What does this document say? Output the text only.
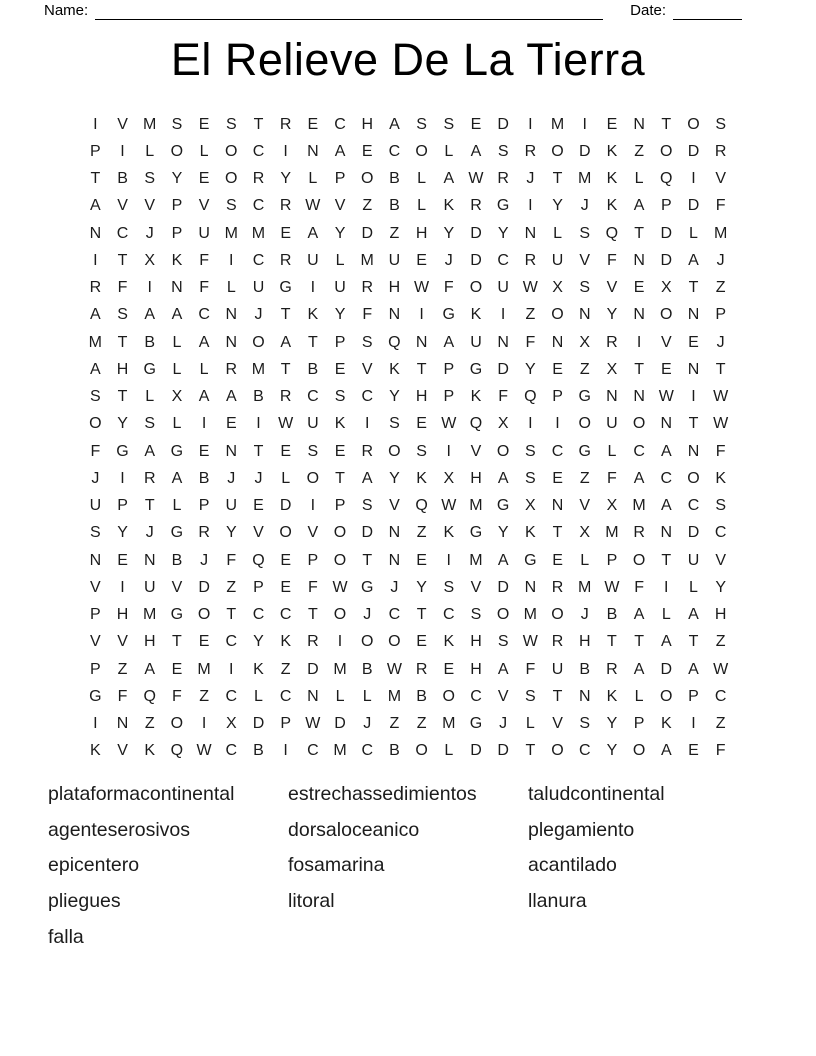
Name:	Date:
El Relieve De La Tierra
I	V M S	E	S	T	R	E	C H	A	S	S	E	D	I	M	I	E	N	T	O S
P	I	L	O	L	O C	I	N	A	E	C O	L	A	S	R O D	K	Z	O D R
T	B	S	Y	E O R	Y	L	P O B	L	A W R	J	T M K	L	Q	I	V
A	V	V	P	V	S	C R W V	Z	B	L	K	R G	I	Y	J	K	A	P	D	F
N C	J	P	U M M E	A	Y	D	Z	H	Y	D	Y	N	L	S Q	T	D	L	M
I	T	X	K	F	I	C R U	L	M U	E	J	D C R U	V	F	N D	A	J
R	F	I	N	F	L	U G	I	U R H W F	O U W X	S	V	E	X	T	Z
A	S	A	A	C N	J	T	K	Y	F	N	I	G K	I	Z	O N	Y	N O N	P
M T	B	L	A	N O A	T	P	S Q N	A	U N	F	N	X	R	I	V	E	J
A	H G	L	L	R M T	B	E	V	K	T	P G D	Y	E	Z	X	T	E	N	T
S	T	L	X	A	A	B	R C	S	C	Y	H	P	K	F	Q P G N N W	I	W
O Y	S	L	I	E	I	W U	K	I	S	E W Q X	I	I	O U O N	T W
F	G A G E	N	T	E	S	E	R O S	I	V O S	C G	L	C	A	N	F
J	I	R	A	B	J	J	L	O	T	A	Y	K	X	H	A	S	E	Z	F	A	C O K
U	P	T	L	P	U	E	D	I	P	S	V Q W M G X	N	V	X M A	C	S
S	Y	J	G R	Y	V O V O D N	Z	K G Y	K	T	X M R N D C
N	E	N	B	J	F	Q E	P O	T	N	E	I	M A G E	L	P O	T	U	V
V	I	U	V	D	Z	P	E	F W G	J	Y	S	V	D N R M W F	I	L	Y
P	H M G O	T	C C	T	O	J	C	T	C	S O M O	J	B	A	L	A	H
V	V	H	T	E	C	Y	K	R	I	O O E	K	H	S W R H	T	T	A	T	Z
P	Z	A	E M	I	K	Z	D M B W R	E	H	A	F	U	B	R	A	D	A W
G	F	Q	F	Z	C	L	C N	L	L	M B O C	V	S	T	N	K	L	O P	C
I	N	Z	O	I	X	D	P W D	J	Z	Z M G	J	L	V	S	Y	P	K	I	Z
K	V	K Q W C	B	I	C M C	B O	L	D D	T	O C	Y O A	E	F
plataformacontinental
agenteserosivos
epicentero
pliegues
falla
estrechassedimientos
dorsaloceanico
fosamarina
litoral
taludcontinental
plegamiento
acantilado
llanura
